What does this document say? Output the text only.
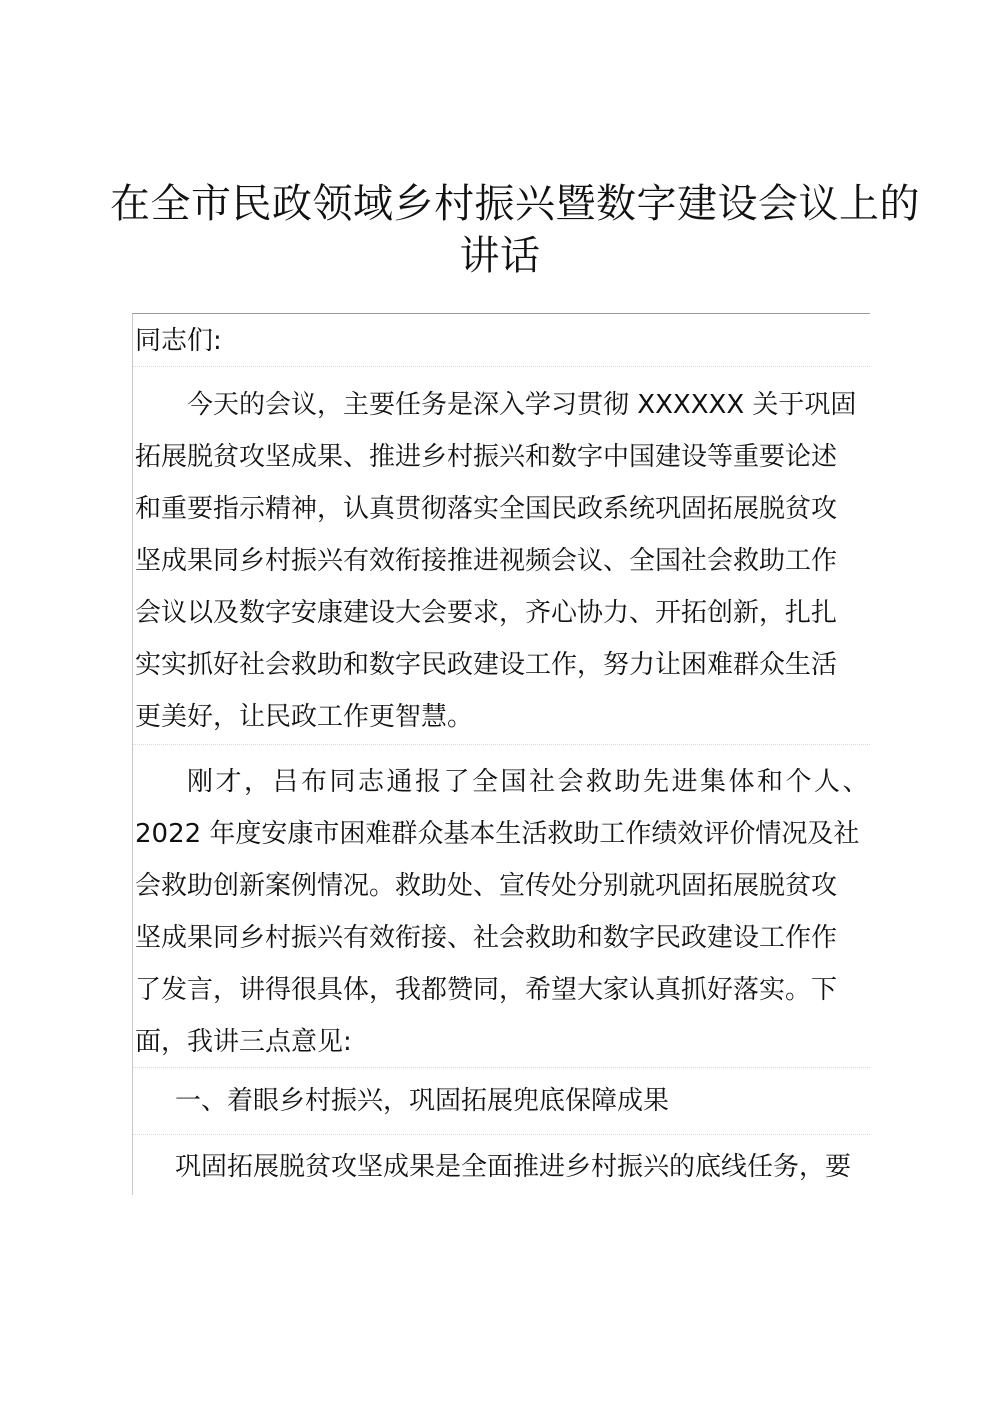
在全市民政领域乡村振兴暨数字建设会议上的
讲话
同志们:
今天的会议，主要任务是深入学习贯彻 XXXXXX 关于巩固
拓展脱贫攻坚成果、推进乡村振兴和数字中国建设等重要论述
和重要指示精神，认真贯彻落实全国民政系统巩固拓展脱贫攻
坚成果同乡村振兴有效衔接推进视频会议、全国社会救助工作
会议以及数字安康建设大会要求，齐心协力、开拓创新，扎扎
实实抓好社会救助和数字民政建设工作，努力让困难群众生活
更美好，让民政工作更智慧。
刚才，吕布同志通报了全国社会救助先进集体和个人、
2022 年度安康市困难群众基本生活救助工作绩效评价情况及社
会救助创新案例情况。救助处、宣传处分别就巩固拓展脱贫攻
坚成果同乡村振兴有效衔接、社会救助和数字民政建设工作作
了发言，讲得很具体，我都赞同，希望大家认真抓好落实。下
面，我讲三点意见:
一、着眼乡村振兴，巩固拓展兜底保障成果
巩固拓展脱贫攻坚成果是全面推进乡村振兴的底线任务，要
